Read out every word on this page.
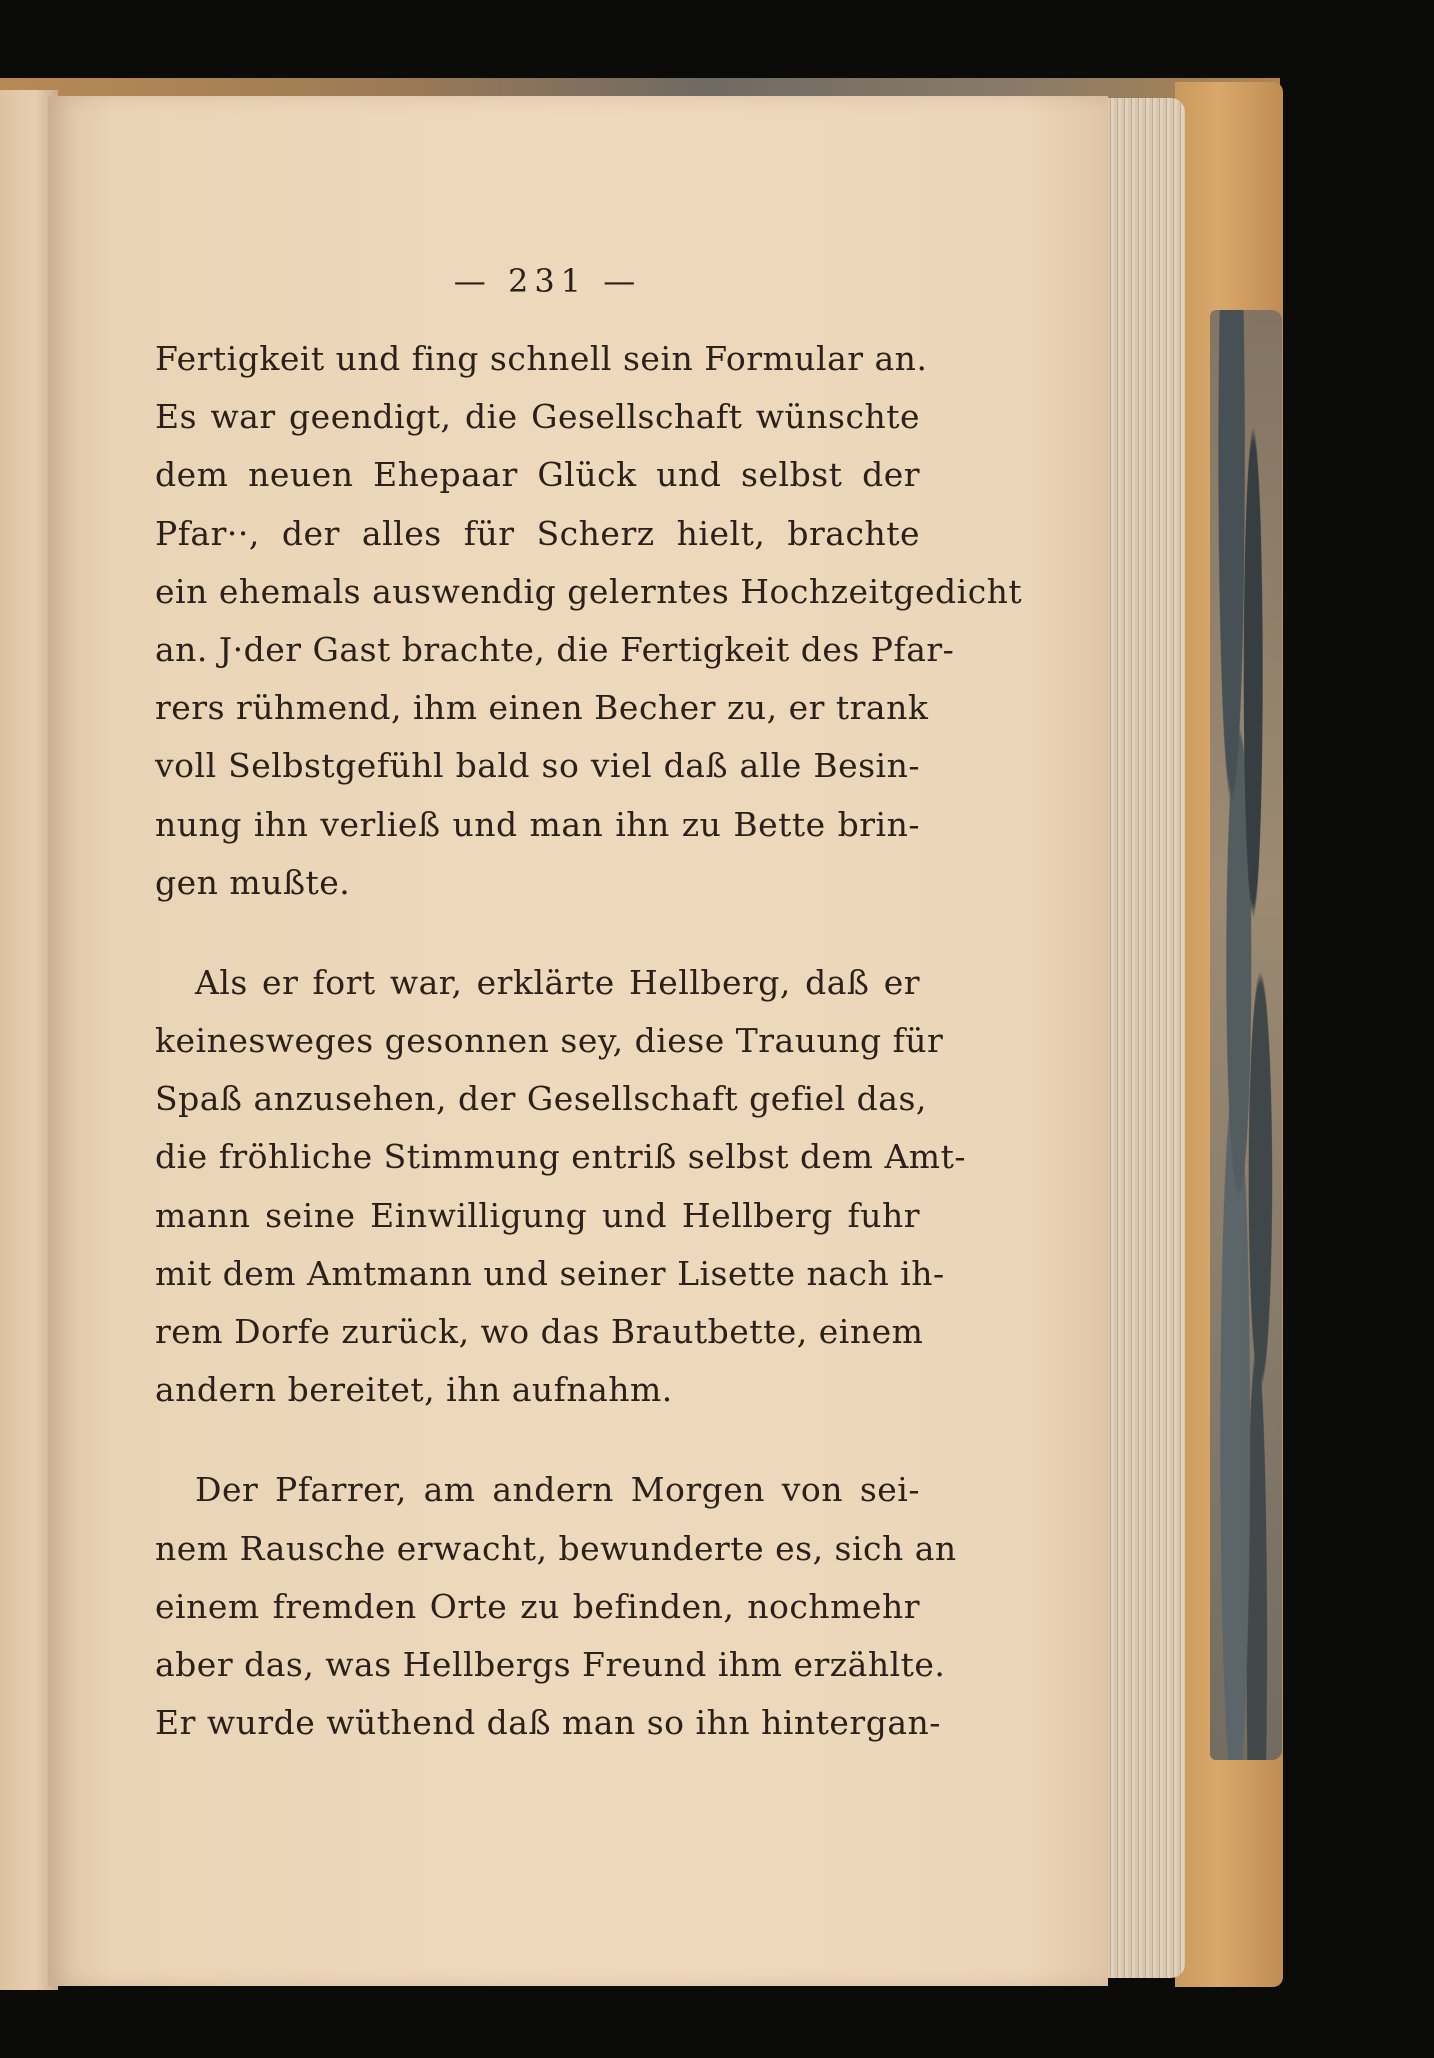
— 231 —
Fertigkeit und fing schnell sein Formular an.
Es war geendigt, die Gesellschaft wünschte
dem neuen Ehepaar Glück und selbst der
Pfar··, der alles für Scherz hielt, brachte
ein ehemals auswendig gelerntes Hochzeitgedicht
an. J·der Gast brachte, die Fertigkeit des Pfar-
rers rühmend, ihm einen Becher zu, er trank
voll Selbstgefühl bald so viel daß alle Besin-
nung ihn verließ und man ihn zu Bette brin-
gen mußte.
Als er fort war, erklärte Hellberg, daß er
keinesweges gesonnen sey, diese Trauung für
Spaß anzusehen, der Gesellschaft gefiel das,
die fröhliche Stimmung entriß selbst dem Amt-
mann seine Einwilligung und Hellberg fuhr
mit dem Amtmann und seiner Lisette nach ih-
rem Dorfe zurück, wo das Brautbette, einem
andern bereitet, ihn aufnahm.
Der Pfarrer, am andern Morgen von sei-
nem Rausche erwacht, bewunderte es, sich an
einem fremden Orte zu befinden, nochmehr
aber das, was Hellbergs Freund ihm erzählte.
Er wurde wüthend daß man so ihn hintergan-
